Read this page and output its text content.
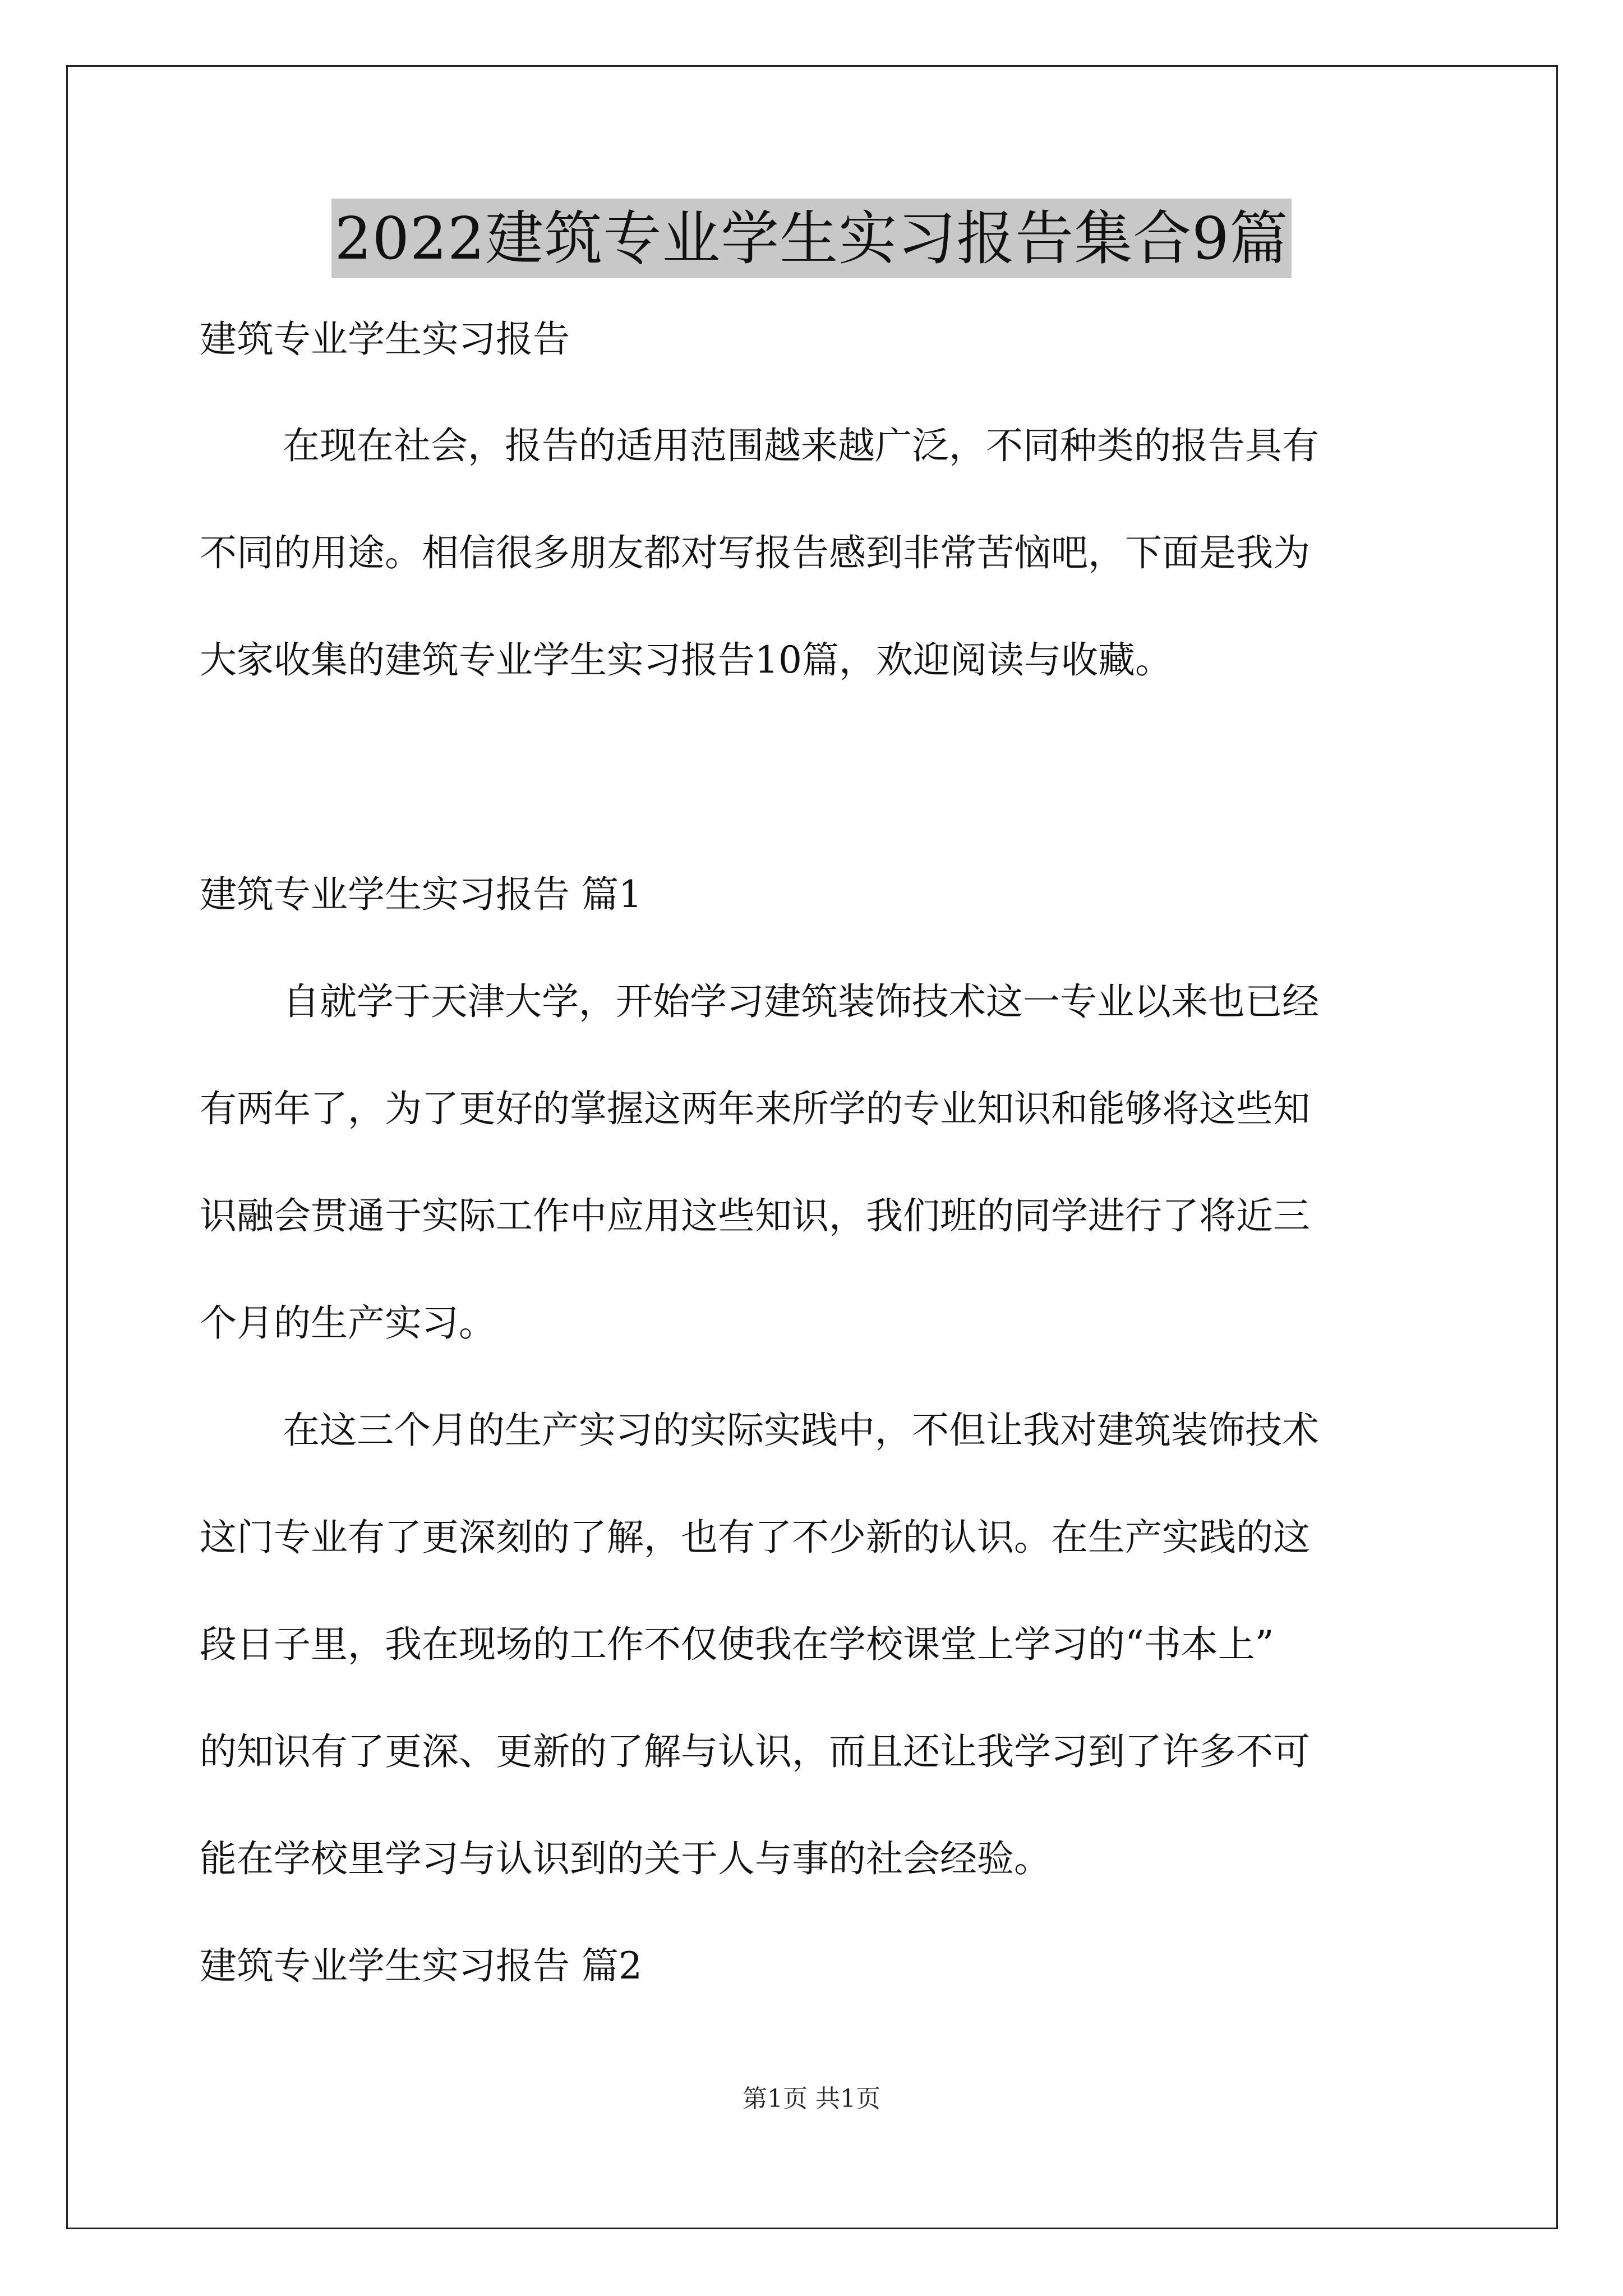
2022建筑专业学生实习报告集合9篇
建筑专业学生实习报告
在现在社会，报告的适用范围越来越广泛，不同种类的报告具有
不同的用途。相信很多朋友都对写报告感到非常苦恼吧，下面是我为
大家收集的建筑专业学生实习报告10篇，欢迎阅读与收藏。
建筑专业学生实习报告 篇1
自就学于天津大学，开始学习建筑装饰技术这一专业以来也已经
有两年了，为了更好的掌握这两年来所学的专业知识和能够将这些知
识融会贯通于实际工作中应用这些知识，我们班的同学进行了将近三
个月的生产实习。
在这三个月的生产实习的实际实践中，不但让我对建筑装饰技术
这门专业有了更深刻的了解，也有了不少新的认识。在生产实践的这
段日子里，我在现场的工作不仅使我在学校课堂上学习的“书本上”
的知识有了更深、更新的了解与认识，而且还让我学习到了许多不可
能在学校里学习与认识到的关于人与事的社会经验。
建筑专业学生实习报告 篇2
第1页 共1页
